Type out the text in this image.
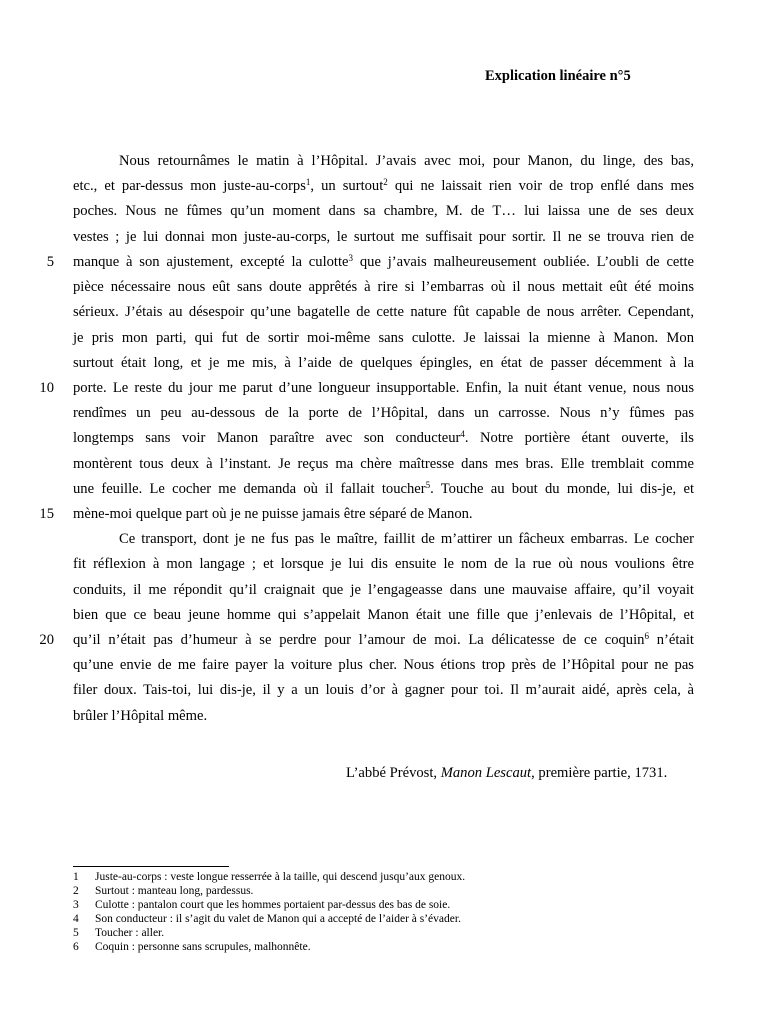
Explication linéaire n°5
Nous retournâmes le matin à l’Hôpital. J’avais avec moi, pour Manon, du linge, des bas,
etc., et par-dessus mon juste-au-corps$^1$, un surtout$^2$ qui ne laissait rien voir de trop enflé dans mes
poches. Nous ne fûmes qu’un moment dans sa chambre, M. de T… lui laissa une de ses deux
vestes ; je lui donnai mon juste-au-corps, le surtout me suffisait pour sortir. Il ne se trouva rien de
manque à son ajustement, excepté la culotte$^3$ que j’avais malheureusement oubliée. L’oubli de cette
pièce nécessaire nous eût sans doute apprêtés à rire si l’embarras où il nous mettait eût été moins
sérieux. J’étais au désespoir qu’une bagatelle de cette nature fût capable de nous arrêter. Cependant,
je pris mon parti, qui fut de sortir moi-même sans culotte. Je laissai la mienne à Manon. Mon
surtout était long, et je me mis, à l’aide de quelques épingles, en état de passer décemment à la
porte. Le reste du jour me parut d’une longueur insupportable. Enfin, la nuit étant venue, nous nous
rendîmes un peu au-dessous de la porte de l’Hôpital, dans un carrosse. Nous n’y fûmes pas
longtemps sans voir Manon paraître avec son conducteur$^4$. Notre portière étant ouverte, ils
montèrent tous deux à l’instant. Je reçus ma chère maîtresse dans mes bras. Elle tremblait comme
une feuille. Le cocher me demanda où il fallait toucher$^5$. Touche au bout du monde, lui dis-je, et
mène-moi quelque part où je ne puisse jamais être séparé de Manon.
Ce transport, dont je ne fus pas le maître, faillit de m’attirer un fâcheux embarras. Le cocher
fit réflexion à mon langage ; et lorsque je lui dis ensuite le nom de la rue où nous voulions être
conduits, il me répondit qu’il craignait que je l’engageasse dans une mauvaise affaire, qu’il voyait
bien que ce beau jeune homme qui s’appelait Manon était une fille que j’enlevais de l’Hôpital, et
qu’il n’était pas d’humeur à se perdre pour l’amour de moi. La délicatesse de ce coquin$^6$ n’était
qu’une envie de me faire payer la voiture plus cher. Nous étions trop près de l’Hôpital pour ne pas
filer doux. Tais-toi, lui dis-je, il y a un louis d’or à gagner pour toi. Il m’aurait aidé, après cela, à
brûler l’Hôpital même.
5
10
15
20
L’abbé Prévost, Manon Lescaut, première partie, 1731.
1 Juste-au-corps : veste longue resserrée à la taille, qui descend jusqu’aux genoux.
2 Surtout : manteau long, pardessus.
3 Culotte : pantalon court que les hommes portaient par-dessus des bas de soie.
4 Son conducteur : il s’agit du valet de Manon qui a accepté de l’aider à s’évader.
5 Toucher : aller.
6 Coquin : personne sans scrupules, malhonnête.
